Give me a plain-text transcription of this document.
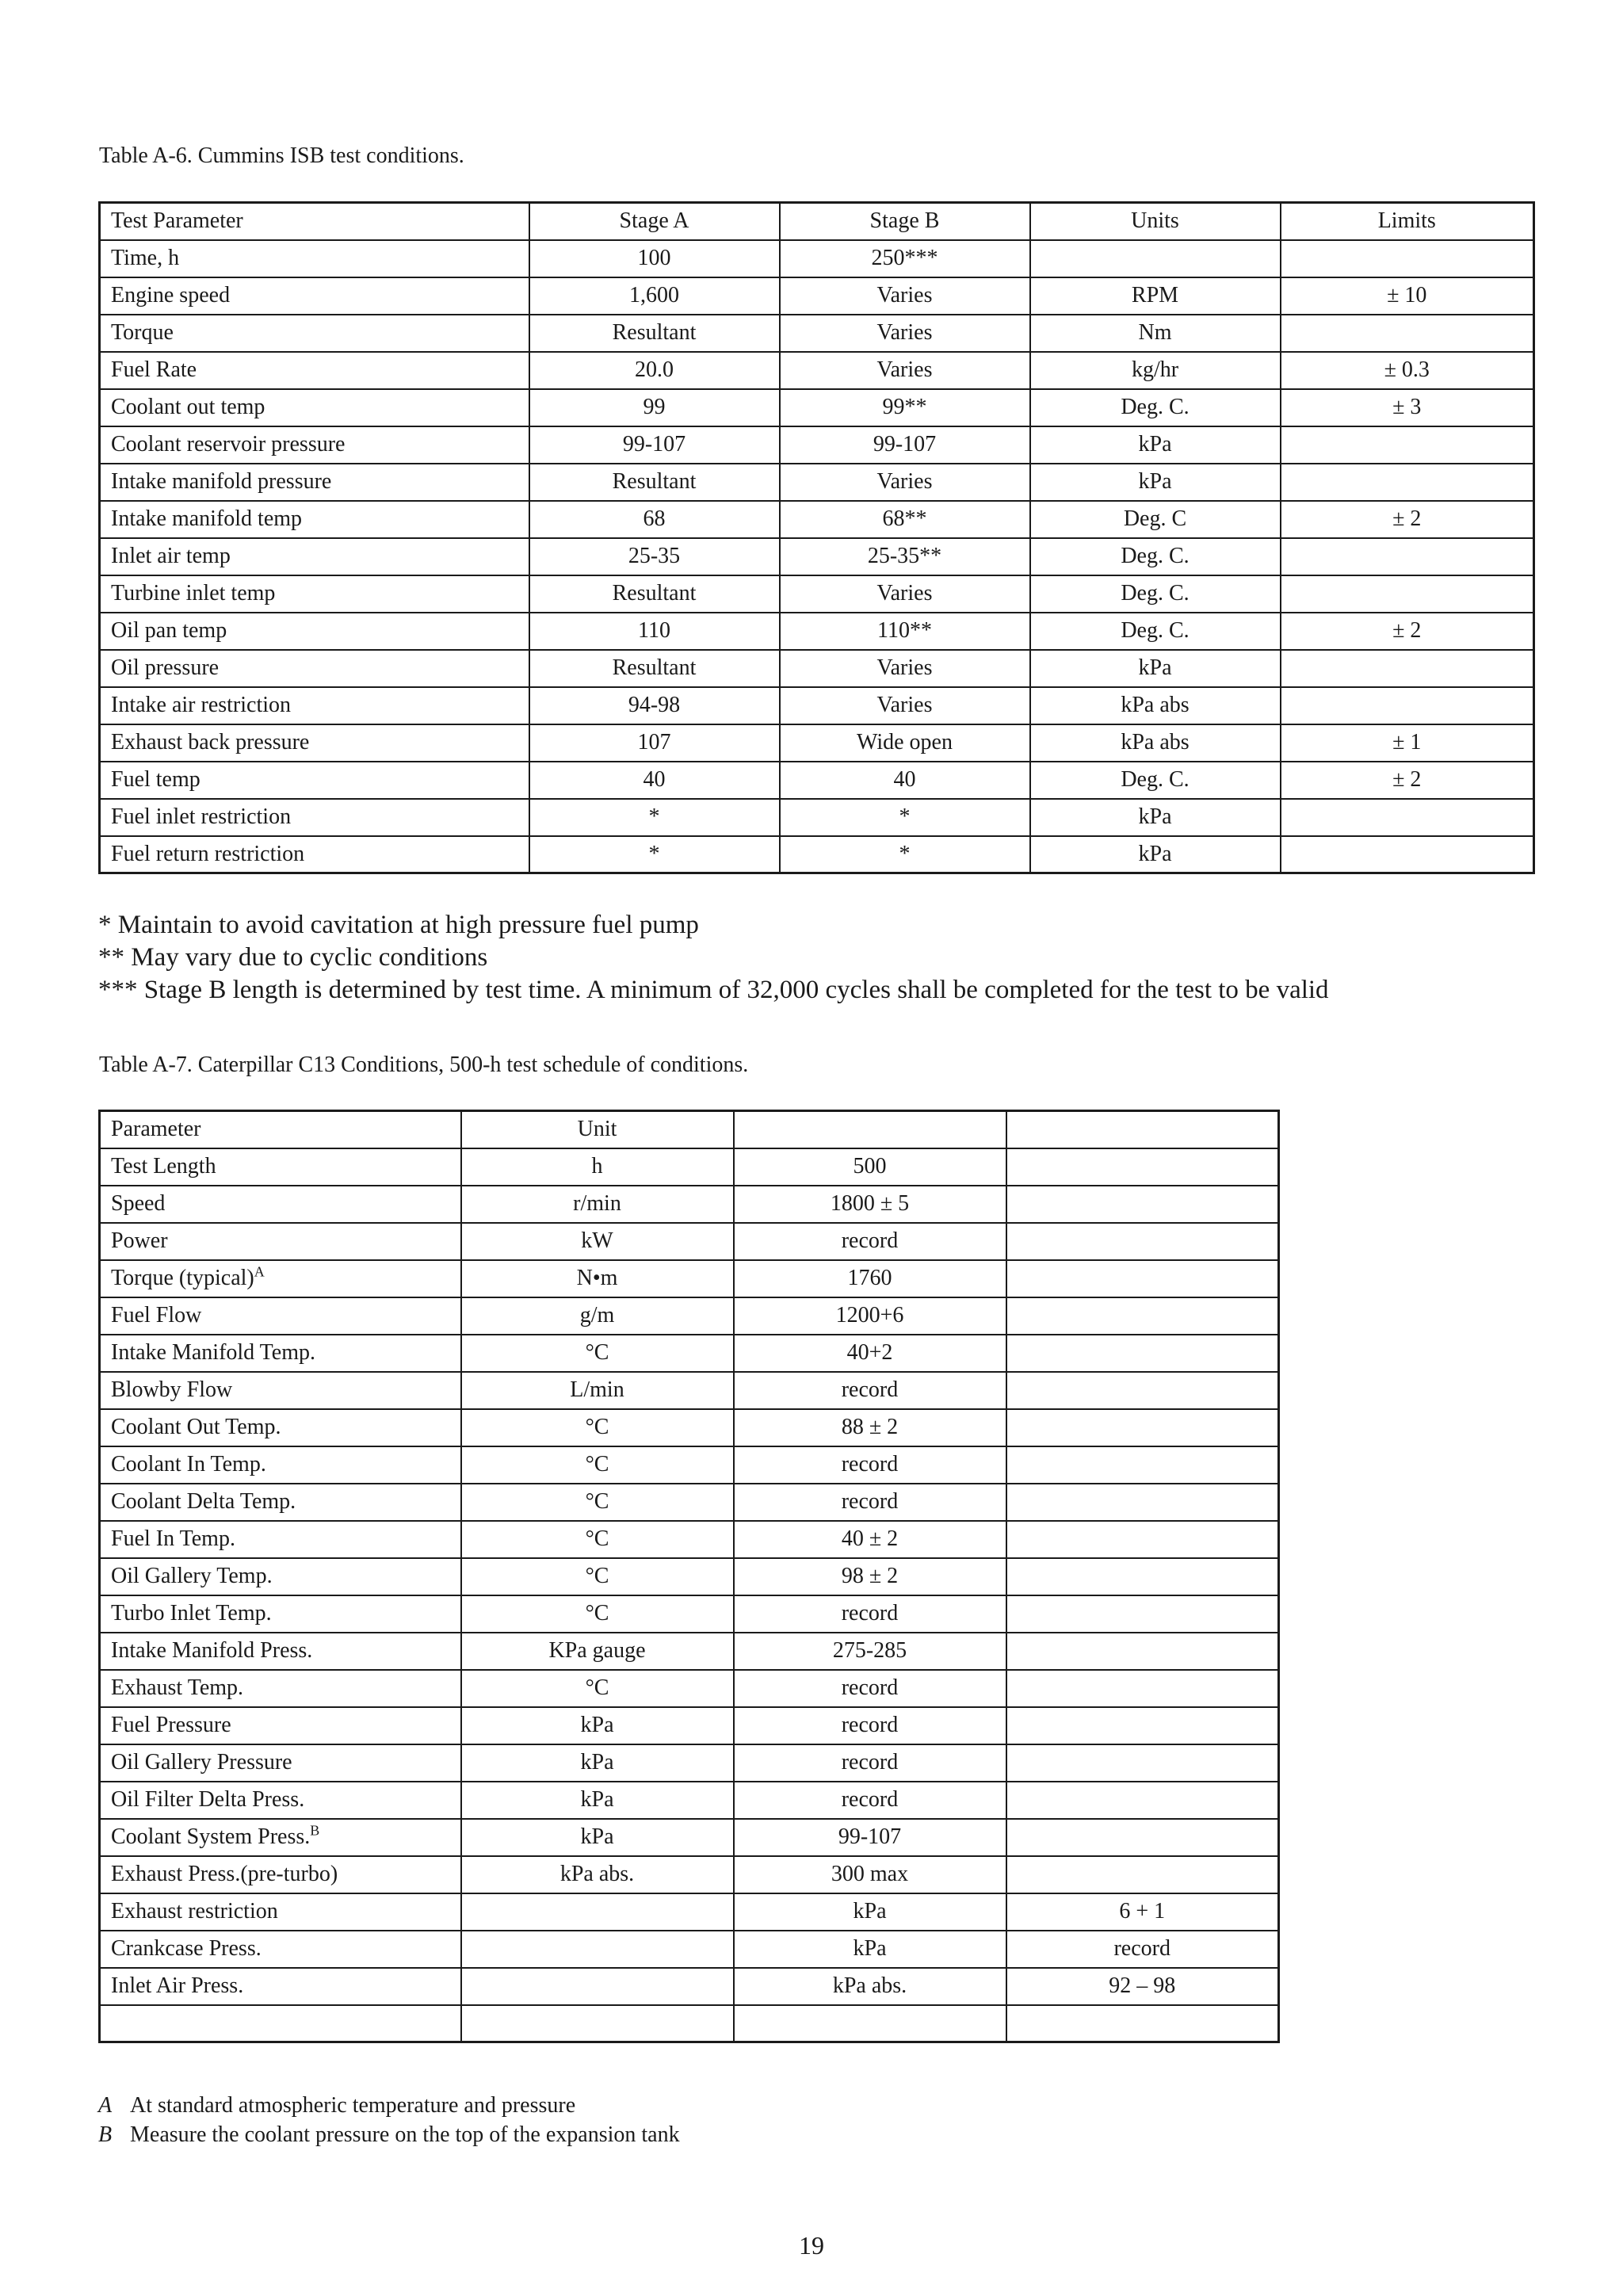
Table A-6. Cummins ISB test conditions.
Test Parameter	Stage A	Stage B	Units	Limits
Time, h	100	250***		
Engine speed	1,600	Varies	RPM	± 10
Torque	Resultant	Varies	Nm	
Fuel Rate	20.0	Varies	kg/hr	± 0.3
Coolant out temp	99	99**	Deg. C.	± 3
Coolant reservoir pressure	99-107	99-107	kPa	
Intake manifold pressure	Resultant	Varies	kPa	
Intake manifold temp	68	68**	Deg. C	± 2
Inlet air temp	25-35	25-35**	Deg. C.	
Turbine inlet temp	Resultant	Varies	Deg. C.	
Oil pan temp	110	110**	Deg. C.	± 2
Oil pressure	Resultant	Varies	kPa	
Intake air restriction	94-98	Varies	kPa abs	
Exhaust back pressure	107	Wide open	kPa abs	± 1
Fuel temp	40	40	Deg. C.	± 2
Fuel inlet restriction	*	*	kPa	
Fuel return restriction	*	*	kPa	
* Maintain to avoid cavitation at high pressure fuel pump
** May vary due to cyclic conditions
*** Stage B length is determined by test time. A minimum of 32,000 cycles shall be completed for the test to be valid
Table A-7. Caterpillar C13 Conditions, 500-h test schedule of conditions.
Parameter	Unit		
Test Length	h	500	
Speed	r/min	1800 ± 5	
Power	kW	record	
Torque (typical)$^A$	N•m	1760	
Fuel Flow	g/m	1200+6	
Intake Manifold Temp.	°C	40+2	
Blowby Flow	L/min	record	
Coolant Out Temp.	°C	88 ± 2	
Coolant In Temp.	°C	record	
Coolant Delta Temp.	°C	record	
Fuel In Temp.	°C	40 ± 2	
Oil Gallery Temp.	°C	98 ± 2	
Turbo Inlet Temp.	°C	record	
Intake Manifold Press.	KPa gauge	275-285	
Exhaust Temp.	°C	record	
Fuel Pressure	kPa	record	
Oil Gallery Pressure	kPa	record	
Oil Filter Delta Press.	kPa	record	
Coolant System Press.$^B$	kPa	99-107	
Exhaust Press.(pre-turbo)	kPa abs.	300 max	
Exhaust restriction		kPa	6 + 1
Crankcase Press.		kPa	record
Inlet Air Press.		kPa abs.	92 – 98

A At standard atmospheric temperature and pressure
B Measure the coolant pressure on the top of the expansion tank
19
